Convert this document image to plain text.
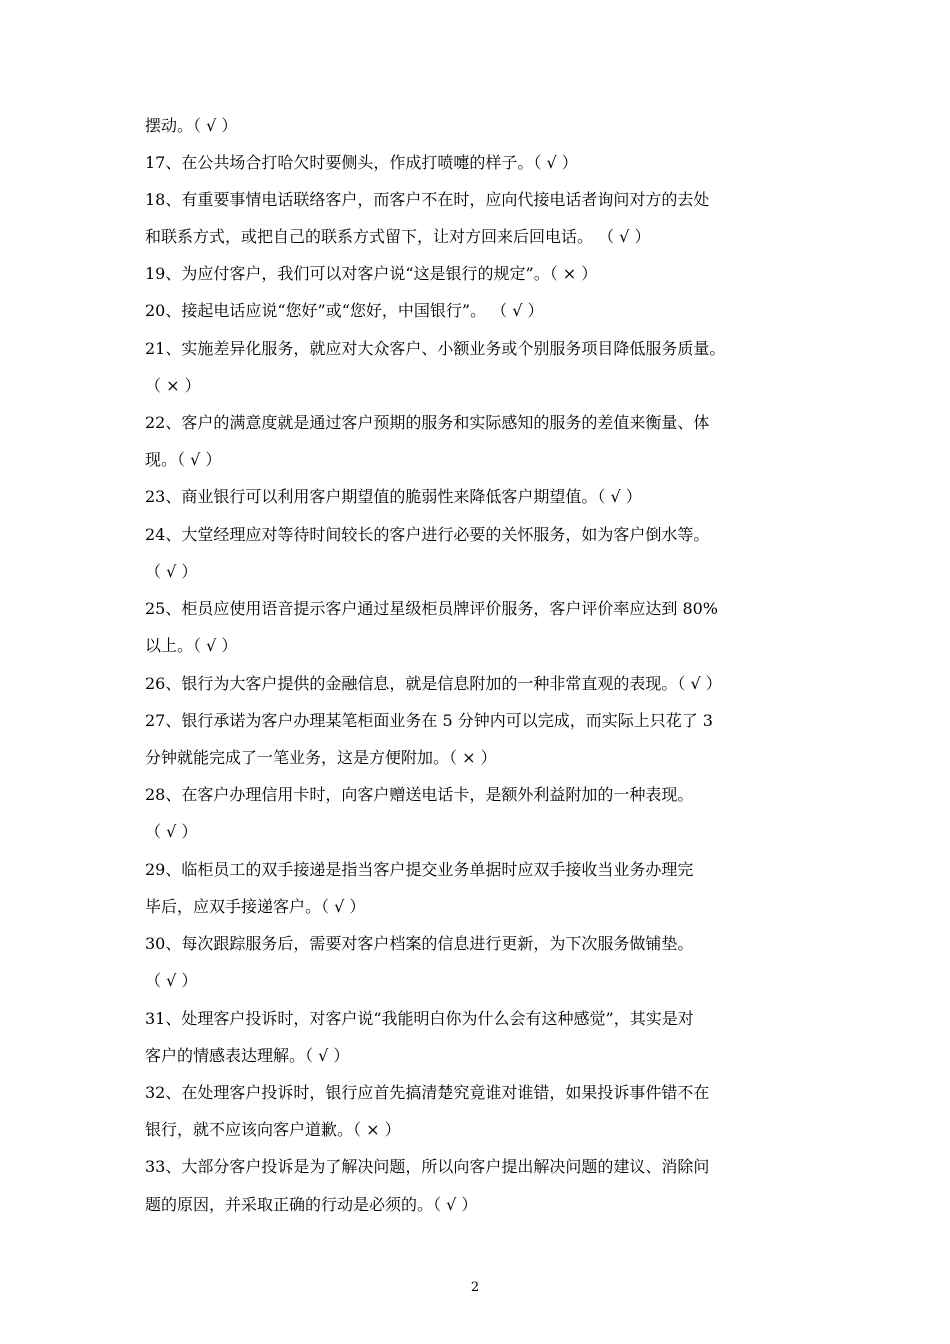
摆动。（ √ ）
17、在公共场合打哈欠时要侧头，作成打喷嚏的样子。（ √ ）
18、有重要事情电话联络客户，而客户不在时，应向代接电话者询问对方的去处
和联系方式，或把自己的联系方式留下，让对方回来后回电话。 （ √ ）
19、为应付客户，我们可以对客户说“这是银行的规定”。（ × ）
20、接起电话应说“您好”或“您好，中国银行”。 （ √ ）
21、实施差异化服务，就应对大众客户、小额业务或个别服务项目降低服务质量。
（ × ）
22、客户的满意度就是通过客户预期的服务和实际感知的服务的差值来衡量、体
现。（ √ ）
23、商业银行可以利用客户期望值的脆弱性来降低客户期望值。（ √ ）
24、大堂经理应对等待时间较长的客户进行必要的关怀服务，如为客户倒水等。
（ √ ）
25、柜员应使用语音提示客户通过星级柜员牌评价服务，客户评价率应达到 80%
以上。（ √ ）
26、银行为大客户提供的金融信息，就是信息附加的一种非常直观的表现。（ √ ）
27、银行承诺为客户办理某笔柜面业务在 5 分钟内可以完成，而实际上只花了 3
分钟就能完成了一笔业务，这是方便附加。（ × ）
28、在客户办理信用卡时，向客户赠送电话卡，是额外利益附加的一种表现。
（ √ ）
29、临柜员工的双手接递是指当客户提交业务单据时应双手接收当业务办理完
毕后，应双手接递客户。（ √ ）
30、每次跟踪服务后，需要对客户档案的信息进行更新，为下次服务做铺垫。
（ √ ）
31、处理客户投诉时，对客户说“我能明白你为什么会有这种感觉”，其实是对
客户的情感表达理解。（ √ ）
32、在处理客户投诉时，银行应首先搞清楚究竟谁对谁错，如果投诉事件错不在
银行，就不应该向客户道歉。（ × ）
33、大部分客户投诉是为了解决问题，所以向客户提出解决问题的建议、消除问
题的原因，并采取正确的行动是必须的。（ √ ）
2
